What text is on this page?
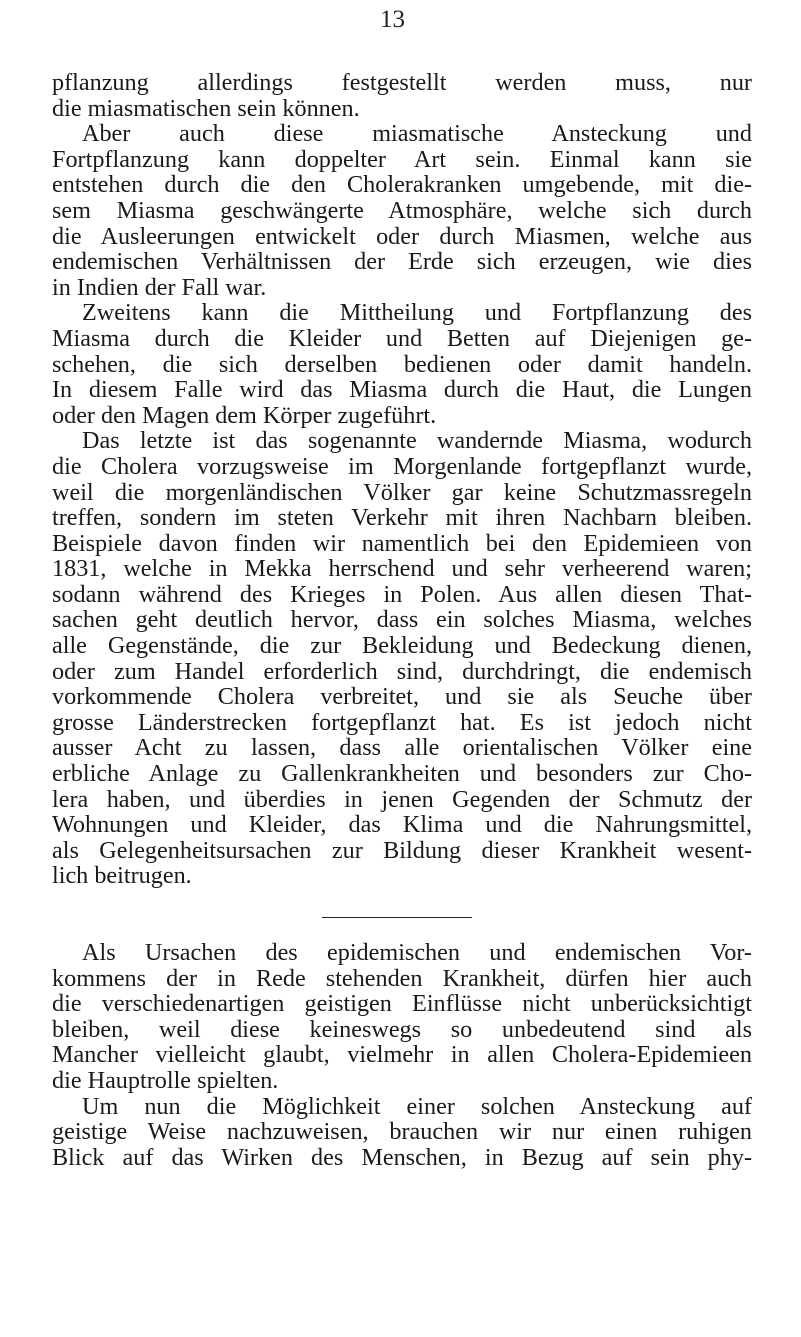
13
pflanzung allerdings festgestellt werden muss, nur
die miasmatischen sein können.
Aber auch diese miasmatische Ansteckung und
Fortpflanzung kann doppelter Art sein. Einmal kann sie
entstehen durch die den Cholerakranken umgebende, mit die-
sem Miasma geschwängerte Atmosphäre, welche sich durch
die Ausleerungen entwickelt oder durch Miasmen, welche aus
endemischen Verhältnissen der Erde sich erzeugen, wie dies
in Indien der Fall war.
Zweitens kann die Mittheilung und Fortpflanzung des
Miasma durch die Kleider und Betten auf Diejenigen ge-
schehen, die sich derselben bedienen oder damit handeln.
In diesem Falle wird das Miasma durch die Haut, die Lungen
oder den Magen dem Körper zugeführt.
Das letzte ist das sogenannte wandernde Miasma, wodurch
die Cholera vorzugsweise im Morgenlande fortgepflanzt wurde,
weil die morgenländischen Völker gar keine Schutzmassregeln
treffen, sondern im steten Verkehr mit ihren Nachbarn bleiben.
Beispiele davon finden wir namentlich bei den Epidemieen von
1831, welche in Mekka herrschend und sehr verheerend waren;
sodann während des Krieges in Polen. Aus allen diesen That-
sachen geht deutlich hervor, dass ein solches Miasma, welches
alle Gegenstände, die zur Bekleidung und Bedeckung dienen,
oder zum Handel erforderlich sind, durchdringt, die endemisch
vorkommende Cholera verbreitet, und sie als Seuche über
grosse Länderstrecken fortgepflanzt hat. Es ist jedoch nicht
ausser Acht zu lassen, dass alle orientalischen Völker eine
erbliche Anlage zu Gallenkrankheiten und besonders zur Cho-
lera haben, und überdies in jenen Gegenden der Schmutz der
Wohnungen und Kleider, das Klima und die Nahrungsmittel,
als Gelegenheitsursachen zur Bildung dieser Krankheit wesent-
lich beitrugen.
Als Ursachen des epidemischen und endemischen Vor-
kommens der in Rede stehenden Krankheit, dürfen hier auch
die verschiedenartigen geistigen Einflüsse nicht unberücksichtigt
bleiben, weil diese keineswegs so unbedeutend sind als
Mancher vielleicht glaubt, vielmehr in allen Cholera-Epidemieen
die Hauptrolle spielten.
Um nun die Möglichkeit einer solchen Ansteckung auf
geistige Weise nachzuweisen, brauchen wir nur einen ruhigen
Blick auf das Wirken des Menschen, in Bezug auf sein phy-
